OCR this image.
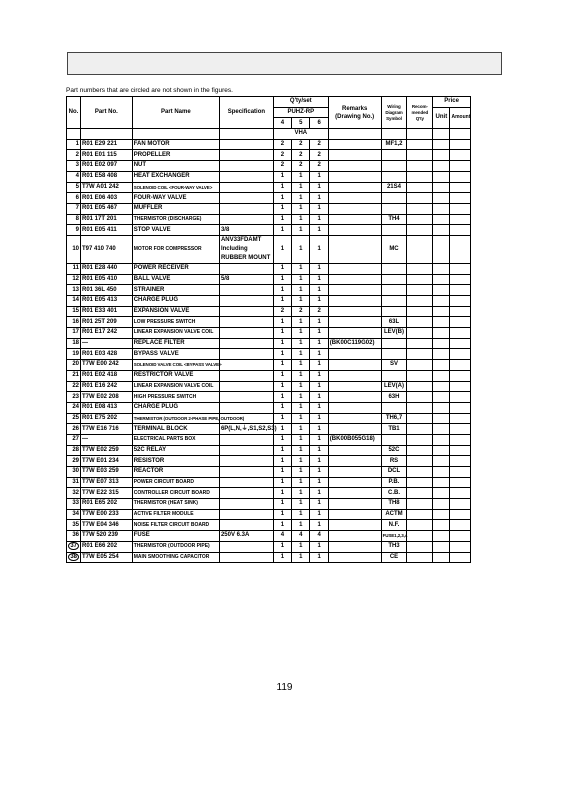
Part numbers that are circled are not shown in the figures.
No.	Part No.	Part Name	Specification	Q'ty/set			Remarks (Drawing No.)	Wiring Diagram Symbol	Recom-mended Q'ty	Price	
				PUHZ-RP						Unit	Amount
				4	5	6					
				VHA							
1	R01 E29 221	FAN MOTOR		2	2	2		MF1,2			
2	R01 E01 115	PROPELLER		2	2	2					
3	R01 E02 097	NUT		2	2	2					
4	R01 E58 408	HEAT EXCHANGER		1	1	1					
5	T7W A01 242	SOLENOID COIL <FOUR-WAY VALVE>		1	1	1		21S4			
6	R01 E06 403	FOUR-WAY VALVE		1	1	1					
7	R01 E05 467	MUFFLER		1	1	1					
8	R01 17T 201	THERMISTOR (DISCHARGE)		1	1	1		TH4			
9	R01 E05 411	STOP VALVE	3/8	1	1	1					
10	T97 410 740	MOTOR FOR COMPRESSOR	ANV33FDAMT Including RUBBER MOUNT	1	1	1		MC			
11	R01 E28 440	POWER RECEIVER		1	1	1					
12	R01 E05 410	BALL VALVE	5/8	1	1	1					
13	R01 36L 450	STRAINER		1	1	1					
14	R01 E05 413	CHARGE PLUG		1	1	1					
15	R01 E33 401	EXPANSION VALVE		2	2	2					
16	R01 25T 209	LOW PRESSURE SWITCH		1	1	1		63L			
17	R01 E17 242	LINEAR EXPANSION VALVE COIL		1	1	1		LEV(B)			
18	—	REPLACE FILTER		1	1	1	(BK00C119G02)				
19	R01 E03 428	BYPASS VALVE		1	1	1					
20	T7W E00 242	SOLENOID VALVE COIL <BYPASS VALVE>		1	1	1		SV			
21	R01 E02 418	RESTRICTOR VALVE		1	1	1					
22	R01 E16 242	LINEAR EXPANSION VALVE COIL		1	1	1		LEV(A)			
23	T7W E02 208	HIGH PRESSURE SWITCH		1	1	1		63H			
24	R01 E08 413	CHARGE PLUG		1	1	1					
25	R01 E75 202	THERMISTOR (OUTDOOR 2-PHASE PIPE, OUTDOOR)		1	1	1		TH6,7			
26	T7W E16 716	TERMINAL BLOCK	6P(L,N,⏚,S1,S2,S3)	1	1	1		TB1			
27	—	ELECTRICAL PARTS BOX		1	1	1	(BK00B055G18)				
28	T7W E02 259	52C RELAY		1	1	1		52C			
29	T7W E01 234	RESISTOR		1	1	1		RS			
30	T7W E03 259	REACTOR		1	1	1		DCL			
31	T7W E07 313	POWER CIRCUIT BOARD		1	1	1		P.B.			
32	T7W E22 315	CONTROLLER CIRCUIT BOARD		1	1	1		C.B.			
33	R01 E65 202	THERMISTOR (HEAT SINK)		1	1	1		TH8			
34	T7W E00 233	ACTIVE FILTER MODULE		1	1	1		ACTM			
35	T7W E04 346	NOISE FILTER CIRCUIT BOARD		1	1	1		N.F.			
36	T7W 520 239	FUSE	250V 6.3A	4	4	4		FUSE1,2,3,4			
37	R01 E66 202	THERMISTOR (OUTDOOR PIPE)		1	1	1		TH3			
38	T7W E05 254	MAIN SMOOTHING CAPACITOR		1	1	1		CE			
119
